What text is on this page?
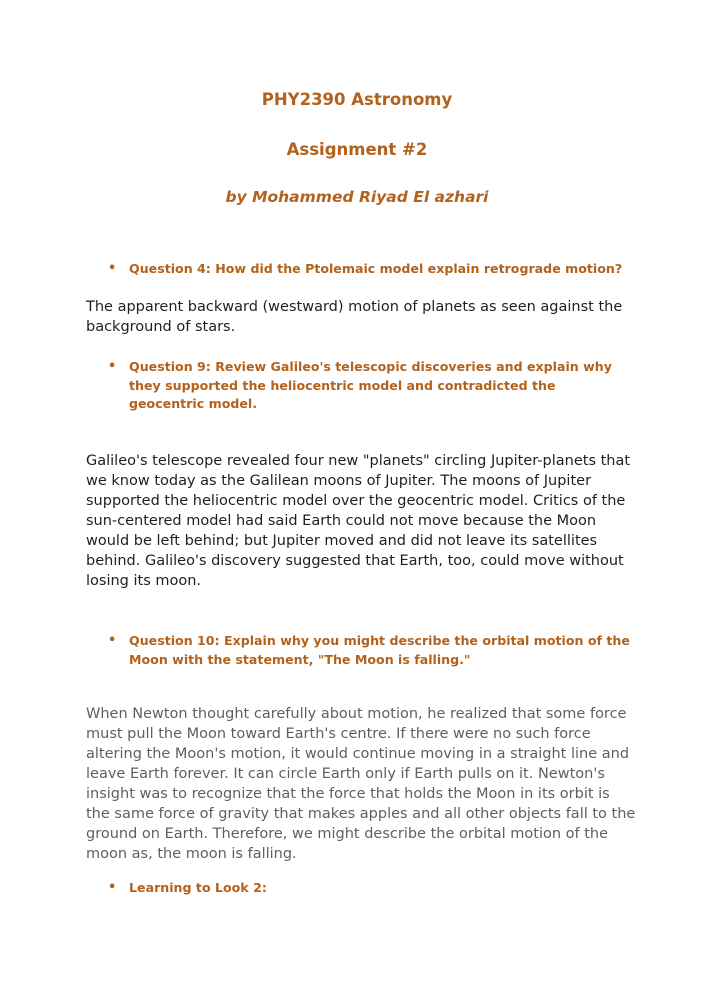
PHY2390 Astronomy
Assignment #2
by Mohammed Riyad El azhari
•	Question 4: How did the Ptolemaic model explain retrograde motion?

The apparent backward (westward) motion of planets as seen against the background of stars.

•	Question 9: Review Galileo's telescopic discoveries and explain why they supported the heliocentric model and contradicted the geocentric model.

Galileo's telescope revealed four new "planets" circling Jupiter-planets that we know today as the Galilean moons of Jupiter. The moons of Jupiter supported the heliocentric model over the geocentric model. Critics of the sun-centered model had said Earth could not move because the Moon would be left behind; but Jupiter moved and did not leave its satellites behind. Galileo's discovery suggested that Earth, too, could move without losing its moon.

•	Question 10: Explain why you might describe the orbital motion of the Moon with the statement, "The Moon is falling."

When Newton thought carefully about motion, he realized that some force must pull the Moon toward Earth's centre. If there were no such force altering the Moon's motion, it would continue moving in a straight line and leave Earth forever. It can circle Earth only if Earth pulls on it. Newton's insight was to recognize that the force that holds the Moon in its orbit is the same force of gravity that makes apples and all other objects fall to the ground on Earth. Therefore, we might describe the orbital motion of the moon as, the moon is falling.

•	Learning to Look 2:
